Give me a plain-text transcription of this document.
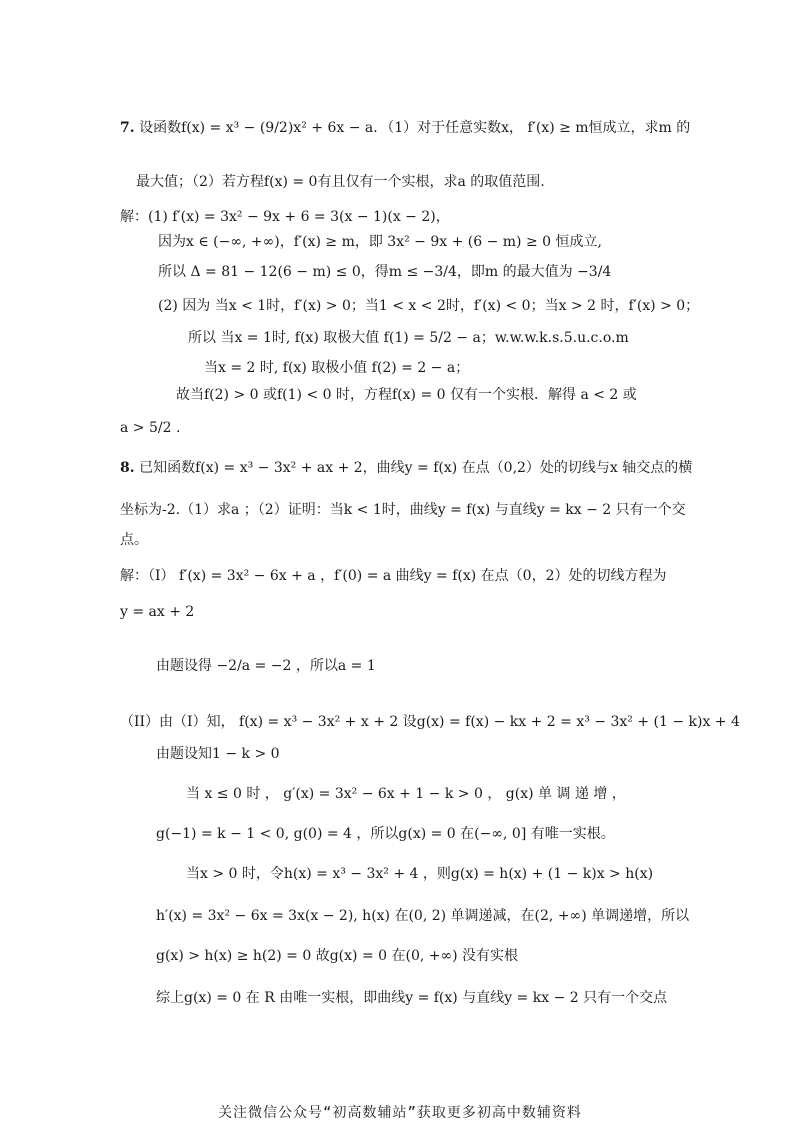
7. 设函数f(x) = x³ − (9/2)x² + 6x − a．（1）对于任意实数x， f′(x) ≥ m恒成立，求m 的
最大值；（2）若方程f(x) = 0有且仅有一个实根，求a 的取值范围.
解：(1) f′(x) = 3x² − 9x + 6 = 3(x − 1)(x − 2)，
因为x ∈ (−∞, +∞)，f′(x) ≥ m，即 3x² − 9x + (6 − m) ≥ 0 恒成立,
所以 Δ = 81 − 12(6 − m) ≤ 0，得m ≤ −3/4，即m 的最大值为 −3/4
(2) 因为 当x < 1时，f′(x) > 0；当1 < x < 2时，f′(x) < 0；当x > 2 时，f′(x) > 0；
所以 当x = 1时, f(x) 取极大值 f(1) = 5/2 − a；w.w.w.k.s.5.u.c.o.m
当x = 2 时, f(x) 取极小值 f(2) = 2 − a；
故当f(2) > 0 或f(1) < 0 时，方程f(x) = 0 仅有一个实根．解得 a < 2 或
a > 5/2 .
8. 已知函数f(x) = x³ − 3x² + ax + 2，曲线y = f(x) 在点（0,2）处的切线与x 轴交点的横
坐标为-2.（1）求a ；（2）证明：当k < 1时，曲线y = f(x) 与直线y = kx − 2 只有一个交
点。
解：（I） f′(x) = 3x² − 6x + a ，f′(0) = a 曲线y = f(x) 在点（0，2）处的切线方程为
y = ax + 2
由题设得 −2/a = −2 ，所以a = 1
（II）由（I）知， f(x) = x³ − 3x² + x + 2 设g(x) = f(x) − kx + 2 = x³ − 3x² + (1 − k)x + 4
由题设知1 − k > 0
当 x ≤ 0 时 ， g′(x) = 3x² − 6x + 1 − k > 0 ， g(x) 单 调 递 增 ，
g(−1) = k − 1 < 0, g(0) = 4 ，所以g(x) = 0 在(−∞, 0] 有唯一实根。
当x > 0 时，令h(x) = x³ − 3x² + 4 ，则g(x) = h(x) + (1 − k)x > h(x)
h′(x) = 3x² − 6x = 3x(x − 2), h(x) 在(0, 2) 单调递减，在(2, +∞) 单调递增，所以
g(x) > h(x) ≥ h(2) = 0 故g(x) = 0 在(0, +∞) 没有实根
综上g(x) = 0 在 R 由唯一实根，即曲线y = f(x) 与直线y = kx − 2 只有一个交点
关注微信公众号“初高数辅站”获取更多初高中数辅资料
